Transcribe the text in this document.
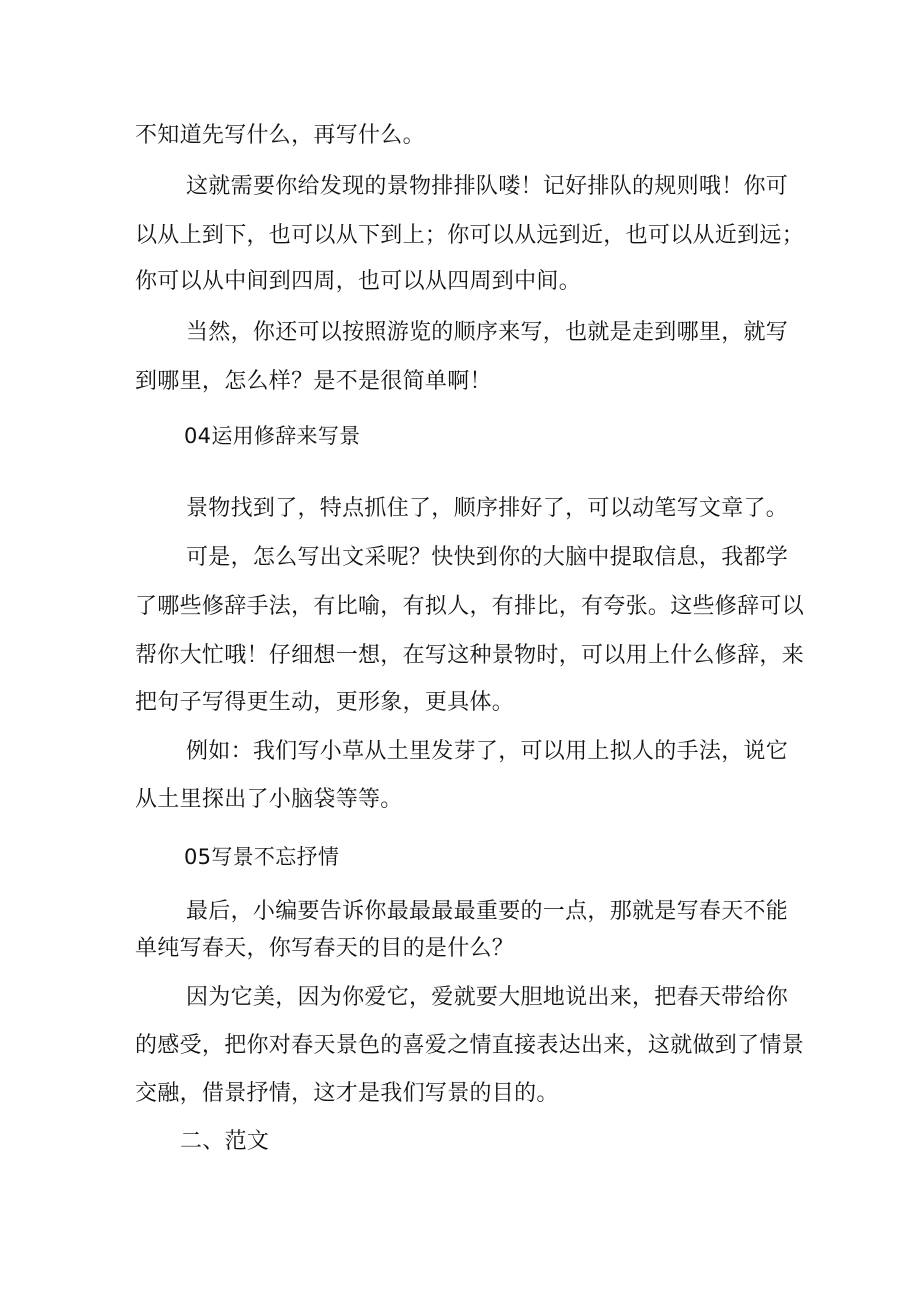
不知道先写什么，再写什么。
这就需要你给发现的景物排排队喽！记好排队的规则哦！你可
以从上到下，也可以从下到上；你可以从远到近，也可以从近到远；
你可以从中间到四周，也可以从四周到中间。
当然，你还可以按照游览的顺序来写，也就是走到哪里，就写
到哪里，怎么样？是不是很简单啊！
04运用修辞来写景
景物找到了，特点抓住了，顺序排好了，可以动笔写文章了。
可是，怎么写出文采呢？快快到你的大脑中提取信息，我都学
了哪些修辞手法，有比喻，有拟人，有排比，有夸张。这些修辞可以
帮你大忙哦！仔细想一想，在写这种景物时，可以用上什么修辞，来
把句子写得更生动，更形象，更具体。
例如：我们写小草从土里发芽了，可以用上拟人的手法，说它
从土里探出了小脑袋等等。
05写景不忘抒情
最后，小编要告诉你最最最最重要的一点，那就是写春天不能
单纯写春天，你写春天的目的是什么？
因为它美，因为你爱它，爱就要大胆地说出来，把春天带给你
的感受，把你对春天景色的喜爱之情直接表达出来，这就做到了情景
交融，借景抒情，这才是我们写景的目的。
二、范文
